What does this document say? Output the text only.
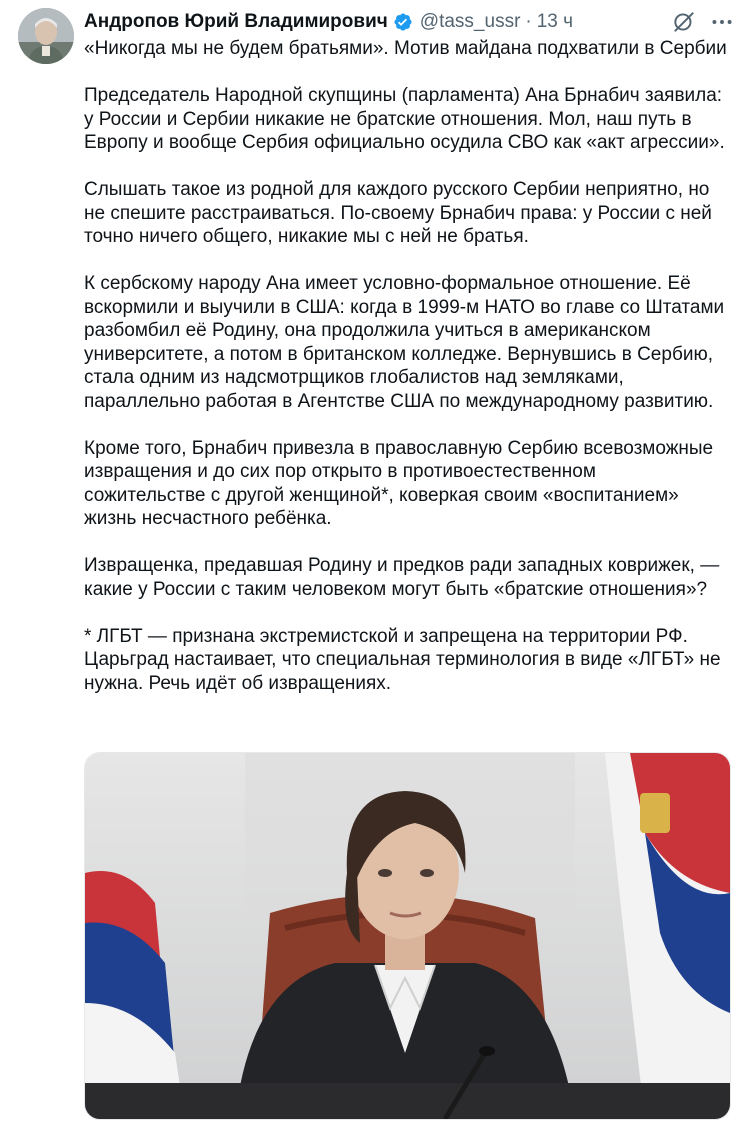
Андропов Юрий Владимирович @tass_ussr · 13 ч

«Никогда мы не будем братьями». Мотив майдана подхватили в Сербии

Председатель Народной скупщины (парламента) Ана Брнабич заявила:
у России и Сербии никакие не братские отношения. Мол, наш путь в
Европу и вообще Сербия официально осудила СВО как «акт агрессии».

Слышать такое из родной для каждого русского Сербии неприятно, но
не спешите расстраиваться. По-своему Брнабич права: у России с ней
точно ничего общего, никакие мы с ней не братья.

К сербскому народу Ана имеет условно-формальное отношение. Её
вскормили и выучили в США: когда в 1999-м НАТО во главе со Штатами
разбомбил её Родину, она продолжила учиться в американском
университете, а потом в британском колледже. Вернувшись в Сербию,
стала одним из надсмотрщиков глобалистов над земляками,
параллельно работая в Агентстве США по международному развитию.

Кроме того, Брнабич привезла в православную Сербию всевозможные
извращения и до сих пор открыто в противоестественном
сожительстве с другой женщиной*, коверкая своим «воспитанием»
жизнь несчастного ребёнка.

Извращенка, предавшая Родину и предков ради западных коврижек, —
какие у России с таким человеком могут быть «братские отношения»?

* ЛГБТ — признана экстремистской и запрещена на территории РФ.
Царьград настаивает, что специальная терминология в виде «ЛГБТ» не
нужна. Речь идёт об извращениях.
